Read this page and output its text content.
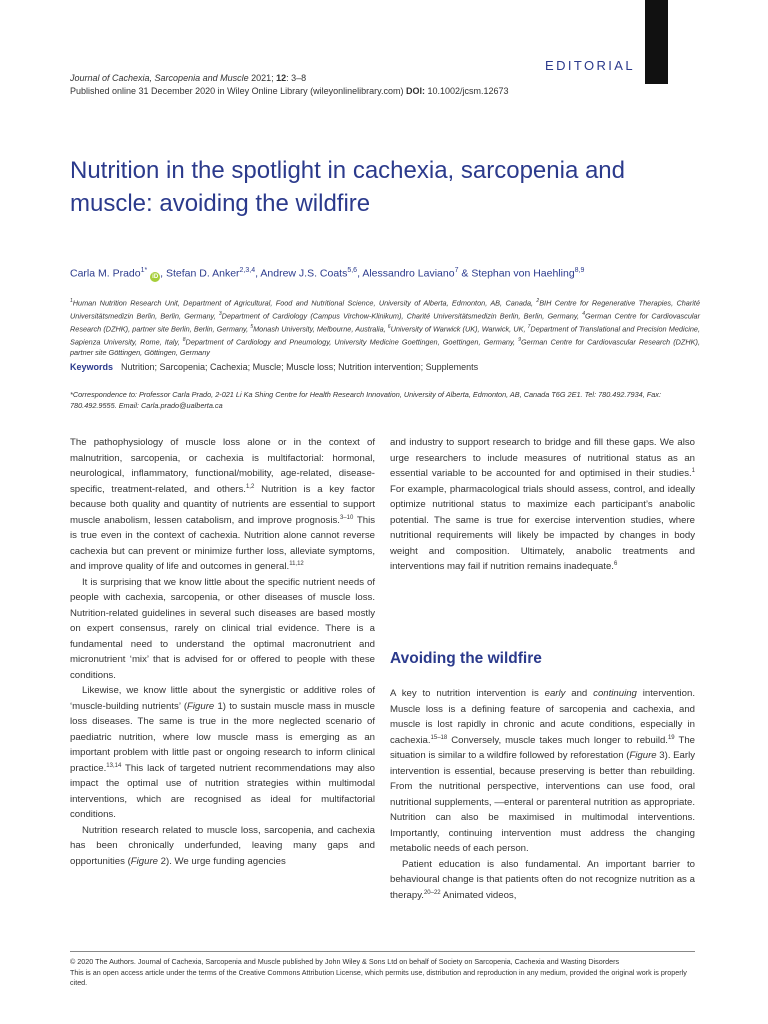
EDITORIAL
Journal of Cachexia, Sarcopenia and Muscle 2021; 12: 3–8
Published online 31 December 2020 in Wiley Online Library (wileyonlinelibrary.com) DOI: 10.1002/jcsm.12673
Nutrition in the spotlight in cachexia, sarcopenia and muscle: avoiding the wildfire
Carla M. Prado$^{1*}$ iD , Stefan D. Anker$^{2,3,4}$, Andrew J.S. Coats$^{5,6}$, Alessandro Laviano$^7$ & Stephan von Haehling$^{8,9}$
$^1$Human Nutrition Research Unit, Department of Agricultural, Food and Nutritional Science, University of Alberta, Edmonton, AB, Canada, $^2$BIH Centre for Regenerative Therapies, Charité Universitätsmedizin Berlin, Berlin, Germany, $^3$Department of Cardiology (Campus Virchow-Klinikum), Charité Universitätsmedizin Berlin, Berlin, Germany, $^4$German Centre for Cardiovascular Research (DZHK), partner site Berlin, Berlin, Germany, $^5$Monash University, Melbourne, Australia, $^6$University of Warwick (UK), Warwick, UK, $^7$Department of Translational and Precision Medicine, Sapienza University, Rome, Italy, $^8$Department of Cardiology and Pneumology, University Medicine Goettingen, Goettingen, Germany, $^9$German Centre for Cardiovascular Research (DZHK), partner site Göttingen, Göttingen, Germany
Keywords Nutrition; Sarcopenia; Cachexia; Muscle; Muscle loss; Nutrition intervention; Supplements
*Correspondence to: Professor Carla Prado, 2-021 Li Ka Shing Centre for Health Research Innovation, University of Alberta, Edmonton, AB, Canada T6G 2E1. Tel: 780.492.7934, Fax: 780.492.9555. Email: Carla.prado@ualberta.ca

The pathophysiology of muscle loss alone or in the context of malnutrition, sarcopenia, or cachexia is multifactorial: hormonal, neurological, inflammatory, functional/mobility, age-related, disease-specific, treatment-related, and others.$^{1,2}$ Nutrition is a key factor because both quality and quantity of nutrients are essential to support muscle anabolism, lessen catabolism, and improve prognosis.$^{3-10}$ This is true even in the context of cachexia. Nutrition alone cannot reverse cachexia but can prevent or minimize further loss, alleviate symptoms, and improve quality of life and outcomes in general.$^{11,12}$

It is surprising that we know little about the specific nutrient needs of people with cachexia, sarcopenia, or other diseases of muscle loss. Nutrition-related guidelines in several such diseases are based mostly on expert consensus, rarely on clinical trial evidence. There is a fundamental need to understand the optimal macronutrient and micronutrient ‘mix’ that is advised for or offered to people with these conditions.

Likewise, we know little about the synergistic or additive roles of ‘muscle-building nutrients’ (Figure 1) to sustain muscle mass in muscle loss diseases. The same is true in the more neglected scenario of paediatric nutrition, where low muscle mass is emerging as an important problem with little past or ongoing research to inform clinical practice.$^{13,14}$ This lack of targeted nutrient recommendations may also impact the optimal use of nutrition strategies within multimodal interventions, which are recognised as ideal for multifactorial conditions.

Nutrition research related to muscle loss, sarcopenia, and cachexia has been chronically underfunded, leaving many gaps and opportunities (Figure 2). We urge funding agencies

and industry to support research to bridge and fill these gaps. We also urge researchers to include measures of nutritional status as an essential variable to be accounted for and optimised in their studies.$^1$ For example, pharmacological trials should assess, control, and ideally optimize nutritional status to maximize each participant’s anabolic potential. The same is true for exercise intervention studies, where nutritional requirements will likely be impacted by changes in body weight and composition. Ultimately, anabolic treatments and interventions may fail if nutrition remains inadequate.$^6$

Avoiding the wildfire

A key to nutrition intervention is early and continuing intervention. Muscle loss is a defining feature of sarcopenia and cachexia, and muscle is lost rapidly in chronic and acute conditions, especially in cachexia.$^{15-18}$ Conversely, muscle takes much longer to rebuild.$^{19}$ The situation is similar to a wildfire followed by reforestation (Figure 3). Early intervention is essential, because preserving is better than rebuilding. From the nutritional perspective, interventions can use food, oral nutritional supplements, —enteral or parenteral nutrition as appropriate. Nutrition can also be maximised in multimodal interventions. Importantly, continuing intervention must address the changing metabolic needs of each person.

Patient education is also fundamental. An important barrier to behavioural change is that patients often do not recognize nutrition as a therapy.$^{20-22}$ Animated videos,

© 2020 The Authors. Journal of Cachexia, Sarcopenia and Muscle published by John Wiley & Sons Ltd on behalf of Society on Sarcopenia, Cachexia and Wasting Disorders
This is an open access article under the terms of the Creative Commons Attribution License, which permits use, distribution and reproduction in any medium, provided the original work is properly cited.
